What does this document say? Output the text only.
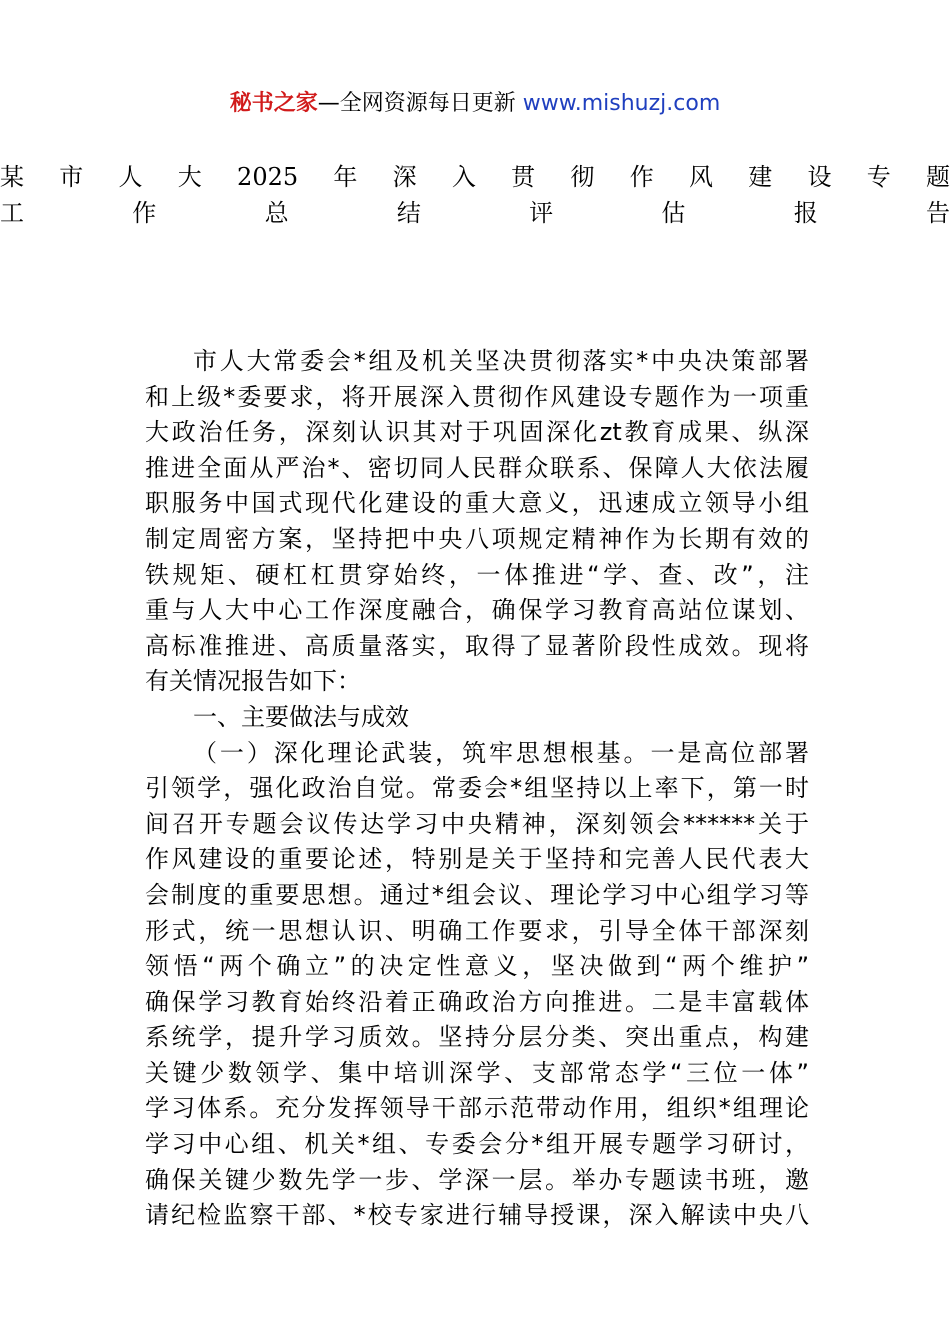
秘书之家—全网资源每日更新 www.mishuzj.com
某市人大2025年深入贯彻作风建设专题
工作总结评估报告
市人大常委会*组及机关坚决贯彻落实*中央决策部署
和上级*委要求，将开展深入贯彻作风建设专题作为一项重
大政治任务，深刻认识其对于巩固深化zt教育成果、纵深
推进全面从严治*、密切同人民群众联系、保障人大依法履
职服务中国式现代化建设的重大意义，迅速成立领导小组
制定周密方案，坚持把中央八项规定精神作为长期有效的
铁规矩、硬杠杠贯穿始终，一体推进“学、查、改”，注
重与人大中心工作深度融合，确保学习教育高站位谋划、
高标准推进、高质量落实，取得了显著阶段性成效。现将
有关情况报告如下：
一、主要做法与成效
（一）深化理论武装，筑牢思想根基。一是高位部署
引领学，强化政治自觉。常委会*组坚持以上率下，第一时
间召开专题会议传达学习中央精神，深刻领会******关于
作风建设的重要论述，特别是关于坚持和完善人民代表大
会制度的重要思想。通过*组会议、理论学习中心组学习等
形式，统一思想认识、明确工作要求，引导全体干部深刻
领悟“两个确立”的决定性意义，坚决做到“两个维护”
确保学习教育始终沿着正确政治方向推进。二是丰富载体
系统学，提升学习质效。坚持分层分类、突出重点，构建
关键少数领学、集中培训深学、支部常态学“三位一体”
学习体系。充分发挥领导干部示范带动作用，组织*组理论
学习中心组、机关*组、专委会分*组开展专题学习研讨，
确保关键少数先学一步、学深一层。举办专题读书班，邀
请纪检监察干部、*校专家进行辅导授课，深入解读中央八
